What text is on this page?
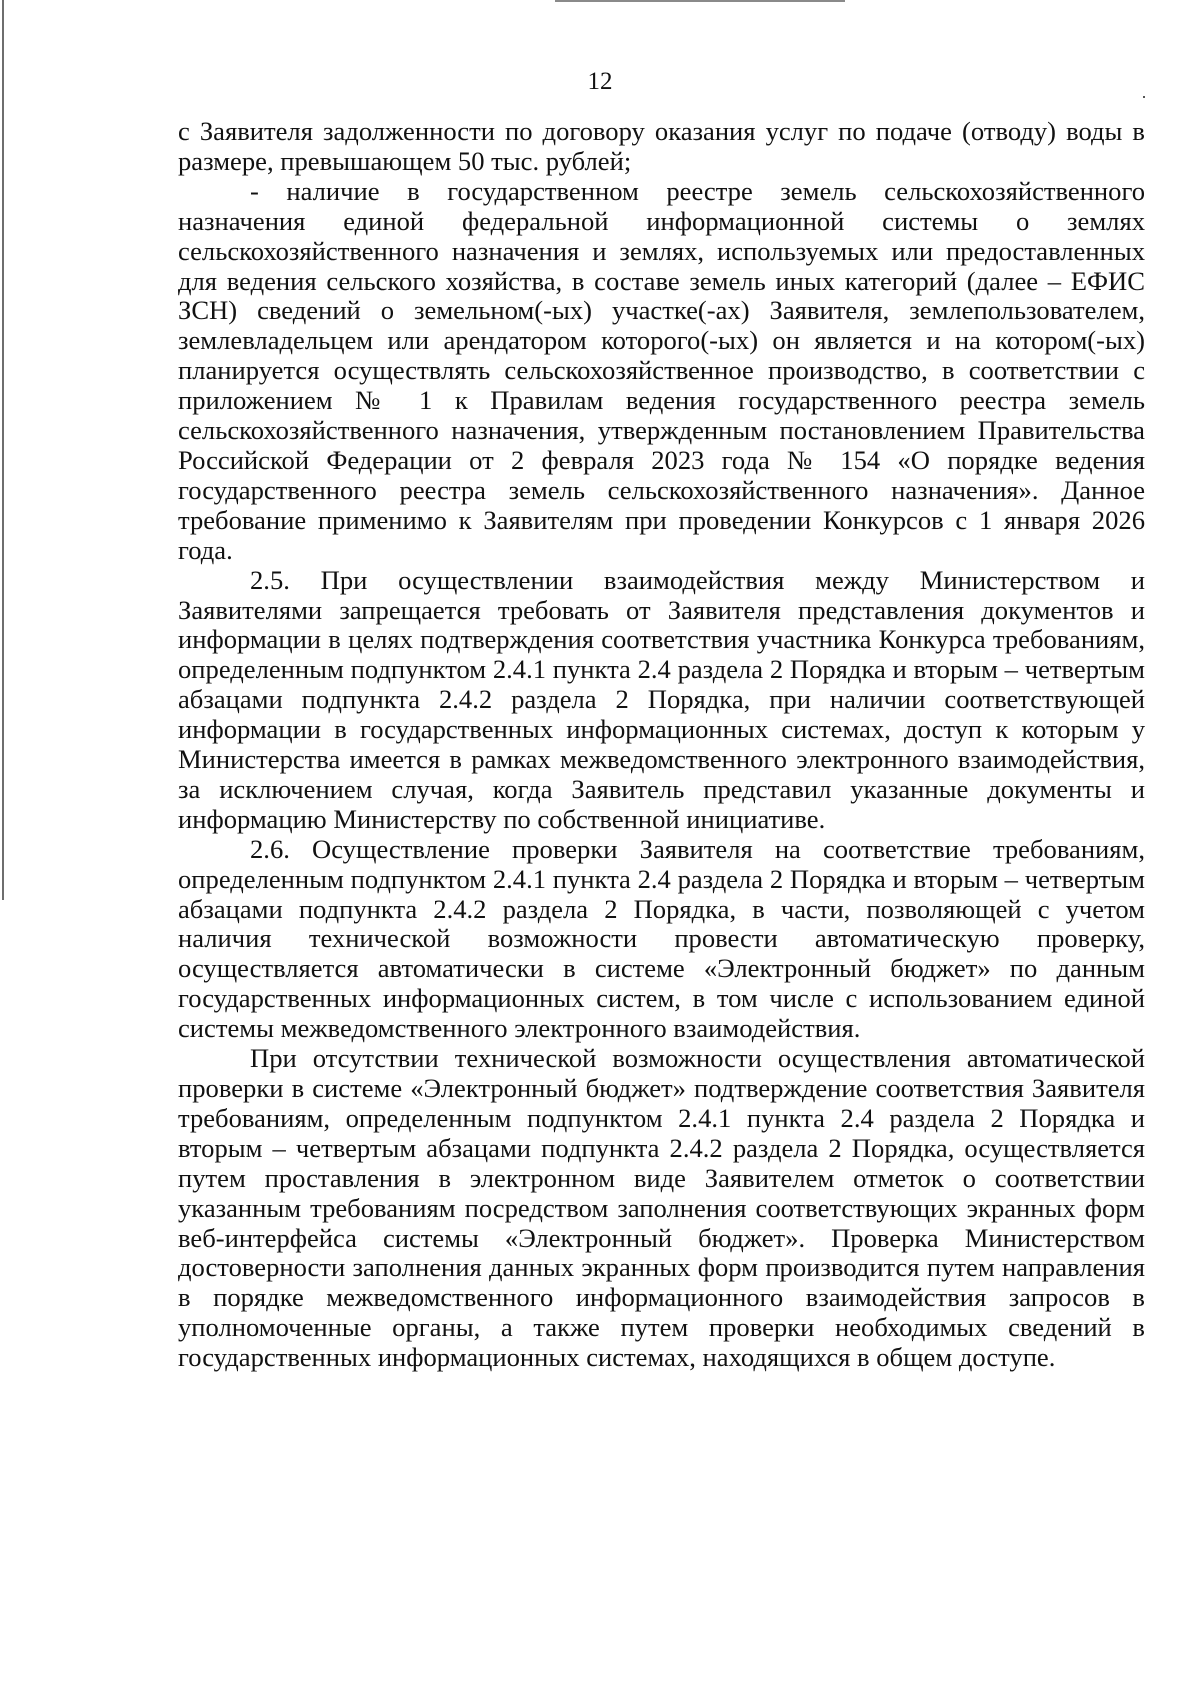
12

с Заявителя задолженности по договору оказания услуг по подаче (отводу) воды в размере, превышающем 50 тыс. рублей;

- наличие в государственном реестре земель сельскохозяйственного назначения единой федеральной информационной системы о землях сельскохозяйственного назначения и землях, используемых или предоставленных для ведения сельского хозяйства, в составе земель иных категорий (далее – ЕФИС ЗСН) сведений о земельном(-ых) участке(-ах) Заявителя, землепользователем, землевладельцем или арендатором которого(-ых) он является и на котором(-ых) планируется осуществлять сельскохозяйственное производство, в соответствии с приложением № 1 к Правилам ведения государственного реестра земель сельскохозяйственного назначения, утвержденным постановлением Правительства Российской Федерации от 2 февраля 2023 года № 154 «О порядке ведения государственного реестра земель сельскохозяйственного назначения». Данное требование применимо к Заявителям при проведении Конкурсов с 1 января 2026 года.

2.5. При осуществлении взаимодействия между Министерством и Заявителями запрещается требовать от Заявителя представления документов и информации в целях подтверждения соответствия участника Конкурса требованиям, определенным подпунктом 2.4.1 пункта 2.4 раздела 2 Порядка и вторым – четвертым абзацами подпункта 2.4.2 раздела 2 Порядка, при наличии соответствующей информации в государственных информационных системах, доступ к которым у Министерства имеется в рамках межведомственного электронного взаимодействия, за исключением случая, когда Заявитель представил указанные документы и информацию Министерству по собственной инициативе.

2.6. Осуществление проверки Заявителя на соответствие требованиям, определенным подпунктом 2.4.1 пункта 2.4 раздела 2 Порядка и вторым – четвертым абзацами подпункта 2.4.2 раздела 2 Порядка, в части, позволяющей с учетом наличия технической возможности провести автоматическую проверку, осуществляется автоматически в системе «Электронный бюджет» по данным государственных информационных систем, в том числе с использованием единой системы межведомственного электронного взаимодействия.

При отсутствии технической возможности осуществления автоматической проверки в системе «Электронный бюджет» подтверждение соответствия Заявителя требованиям, определенным подпунктом 2.4.1 пункта 2.4 раздела 2 Порядка и вторым – четвертым абзацами подпункта 2.4.2 раздела 2 Порядка, осуществляется путем проставления в электронном виде Заявителем отметок о соответствии указанным требованиям посредством заполнения соответствующих экранных форм веб-интерфейса системы «Электронный бюджет». Проверка Министерством достоверности заполнения данных экранных форм производится путем направления в порядке межведомственного информационного взаимодействия запросов в уполномоченные органы, а также путем проверки необходимых сведений в государственных информационных системах, находящихся в общем доступе.
